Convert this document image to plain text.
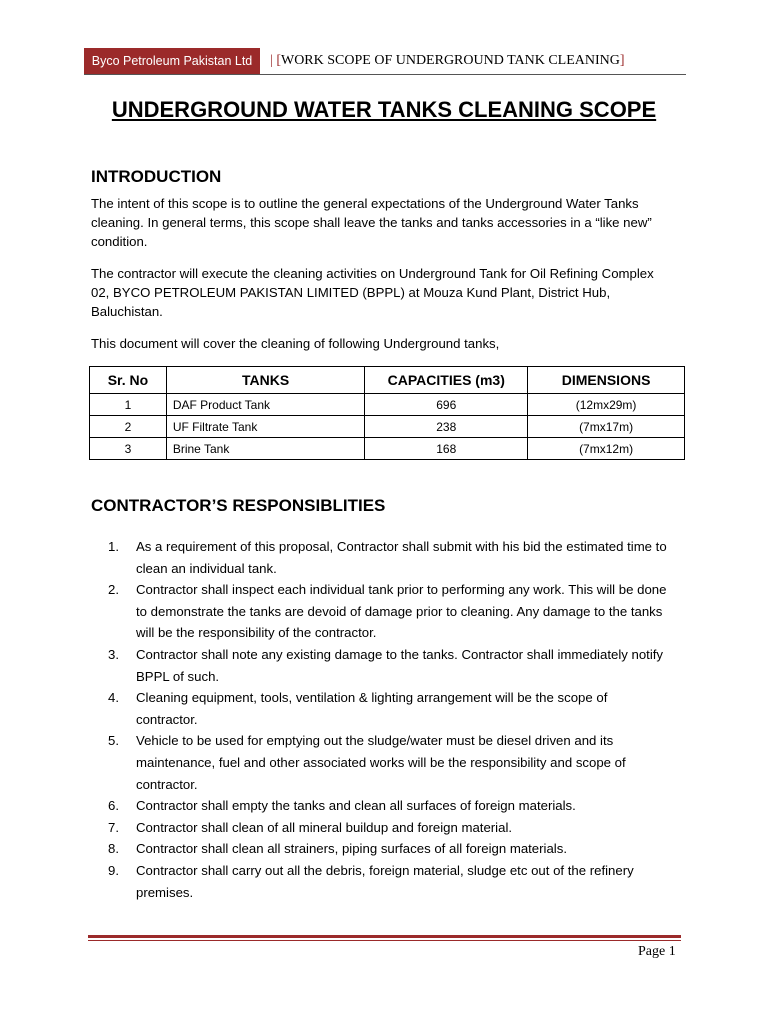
Byco Petroleum Pakistan Ltd | [WORK SCOPE OF UNDERGROUND TANK CLEANING]
UNDERGROUND WATER TANKS CLEANING SCOPE
INTRODUCTION
The intent of this scope is to outline the general expectations of the Underground Water Tanks cleaning. In general terms, this scope shall leave the tanks and tanks accessories in a “like new” condition.
The contractor will execute the cleaning activities on Underground Tank for Oil Refining Complex 02, BYCO PETROLEUM PAKISTAN LIMITED (BPPL) at Mouza Kund Plant, District Hub, Baluchistan.
This document will cover the cleaning of following Underground tanks,
Sr. No	TANKS	CAPACITIES (m3)	DIMENSIONS
1	DAF Product Tank	696	(12mx29m)
2	UF Filtrate Tank	238	(7mx17m)
3	Brine Tank	168	(7mx12m)
CONTRACTOR’S RESPONSIBLITIES
1. As a requirement of this proposal, Contractor shall submit with his bid the estimated time to clean an individual tank.
2. Contractor shall inspect each individual tank prior to performing any work. This will be done to demonstrate the tanks are devoid of damage prior to cleaning. Any damage to the tanks will be the responsibility of the contractor.
3. Contractor shall note any existing damage to the tanks. Contractor shall immediately notify BPPL of such.
4. Cleaning equipment, tools, ventilation & lighting arrangement will be the scope of contractor.
5. Vehicle to be used for emptying out the sludge/water must be diesel driven and its maintenance, fuel and other associated works will be the responsibility and scope of contractor.
6. Contractor shall empty the tanks and clean all surfaces of foreign materials.
7. Contractor shall clean of all mineral buildup and foreign material.
8. Contractor shall clean all strainers, piping surfaces of all foreign materials.
9. Contractor shall carry out all the debris, foreign material, sludge etc out of the refinery premises.
Page 1
